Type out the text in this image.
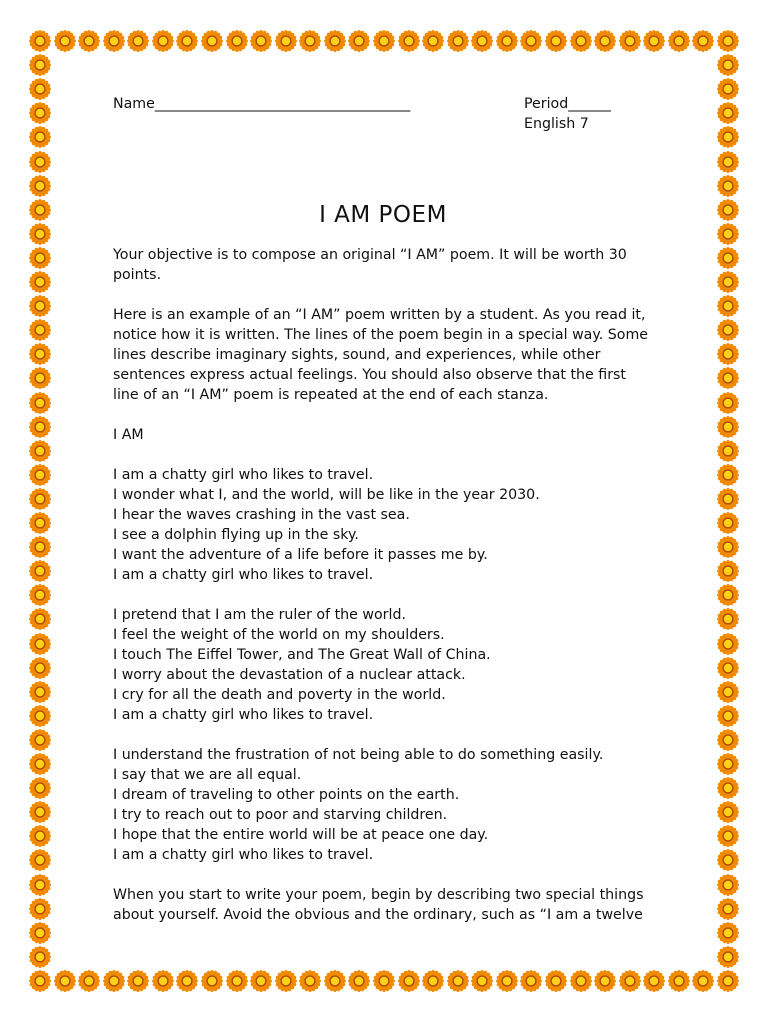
Name____________________________________	Period______
English 7
I AM POEM

Your objective is to compose an original “I AM” poem. It will be worth 30 points.

Here is an example of an “I AM” poem written by a student. As you read it, notice how it is written. The lines of the poem begin in a special way. Some lines describe imaginary sights, sound, and experiences, while other sentences express actual feelings. You should also observe that the first line of an “I AM” poem is repeated at the end of each stanza.

I AM

I am a chatty girl who likes to travel.
I wonder what I, and the world, will be like in the year 2030.
I hear the waves crashing in the vast sea.
I see a dolphin flying up in the sky.
I want the adventure of a life before it passes me by.
I am a chatty girl who likes to travel.
I pretend that I am the ruler of the world.
I feel the weight of the world on my shoulders.
I touch The Eiffel Tower, and The Great Wall of China.
I worry about the devastation of a nuclear attack.
I cry for all the death and poverty in the world.
I am a chatty girl who likes to travel.
I understand the frustration of not being able to do something easily.
I say that we are all equal.
I dream of traveling to other points on the earth.
I try to reach out to poor and starving children.
I hope that the entire world will be at peace one day.
I am a chatty girl who likes to travel.

When you start to write your poem, begin by describing two special things about yourself. Avoid the obvious and the ordinary, such as “I am a twelve
